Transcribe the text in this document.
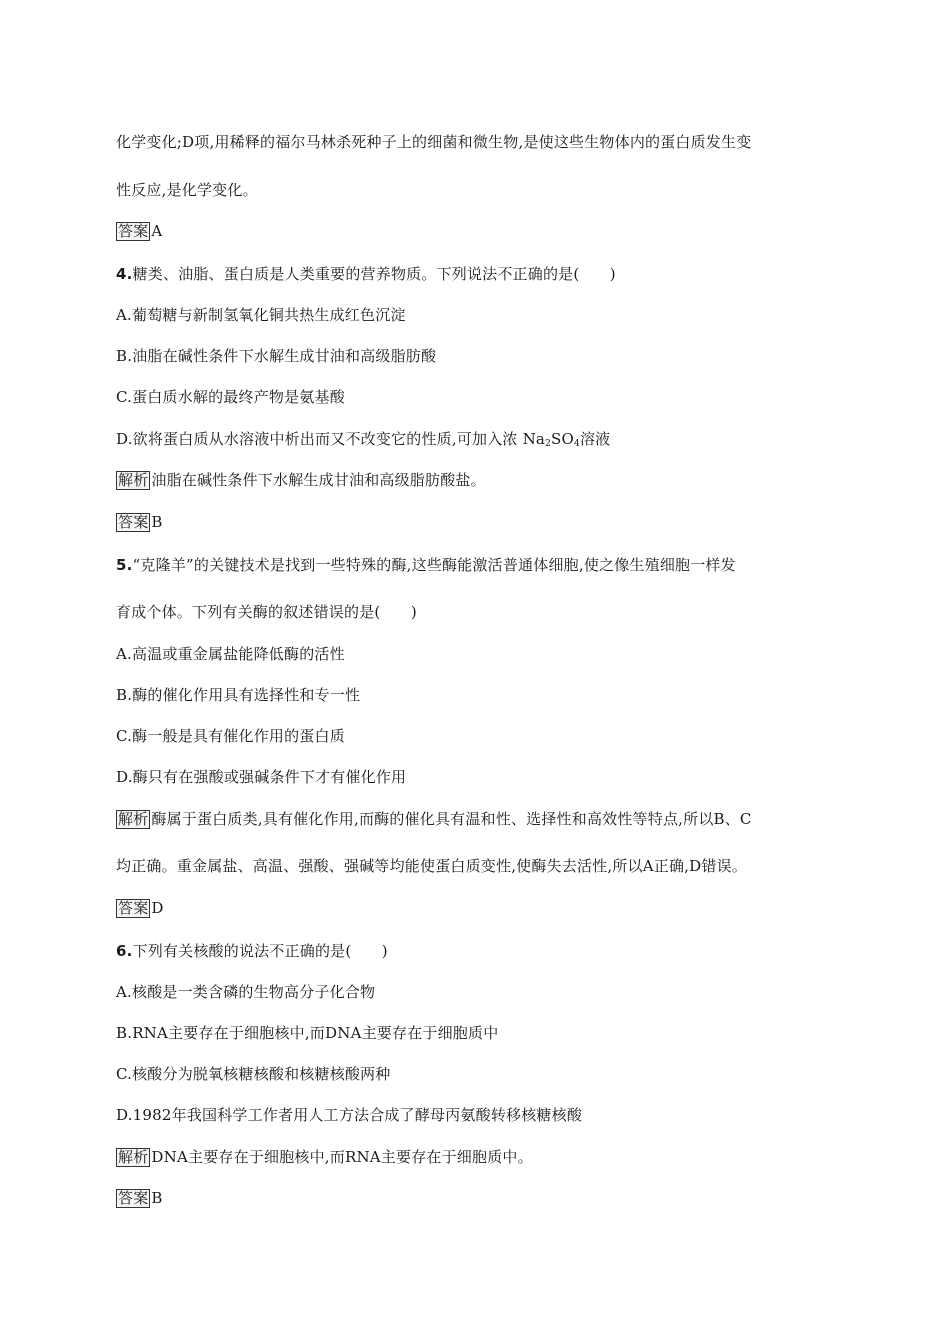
化学变化;D项,用稀释的福尔马林杀死种子上的细菌和微生物,是使这些生物体内的蛋白质发生变
性反应,是化学变化。
答案 A
4.糖类、油脂、蛋白质是人类重要的营养物质。下列说法不正确的是(　　)
A.葡萄糖与新制氢氧化铜共热生成红色沉淀
B.油脂在碱性条件下水解生成甘油和高级脂肪酸
C.蛋白质水解的最终产物是氨基酸
D.欲将蛋白质从水溶液中析出而又不改变它的性质,可加入浓 $Na_2SO_4$溶液
解析 油脂在碱性条件下水解生成甘油和高级脂肪酸盐。
答案 B
5.“克隆羊”的关键技术是找到一些特殊的酶,这些酶能激活普通体细胞,使之像生殖细胞一样发
育成个体。下列有关酶的叙述错误的是(　　)
A.高温或重金属盐能降低酶的活性
B.酶的催化作用具有选择性和专一性
C.酶一般是具有催化作用的蛋白质
D.酶只有在强酸或强碱条件下才有催化作用
解析 酶属于蛋白质类,具有催化作用,而酶的催化具有温和性、选择性和高效性等特点,所以B、C
均正确。重金属盐、高温、强酸、强碱等均能使蛋白质变性,使酶失去活性,所以A正确,D错误。
答案 D
6.下列有关核酸的说法不正确的是(　　)
A.核酸是一类含磷的生物高分子化合物
B.RNA主要存在于细胞核中,而DNA主要存在于细胞质中
C.核酸分为脱氧核糖核酸和核糖核酸两种
D.1982年我国科学工作者用人工方法合成了酵母丙氨酸转移核糖核酸
解析 DNA主要存在于细胞核中,而RNA主要存在于细胞质中。
答案 B
